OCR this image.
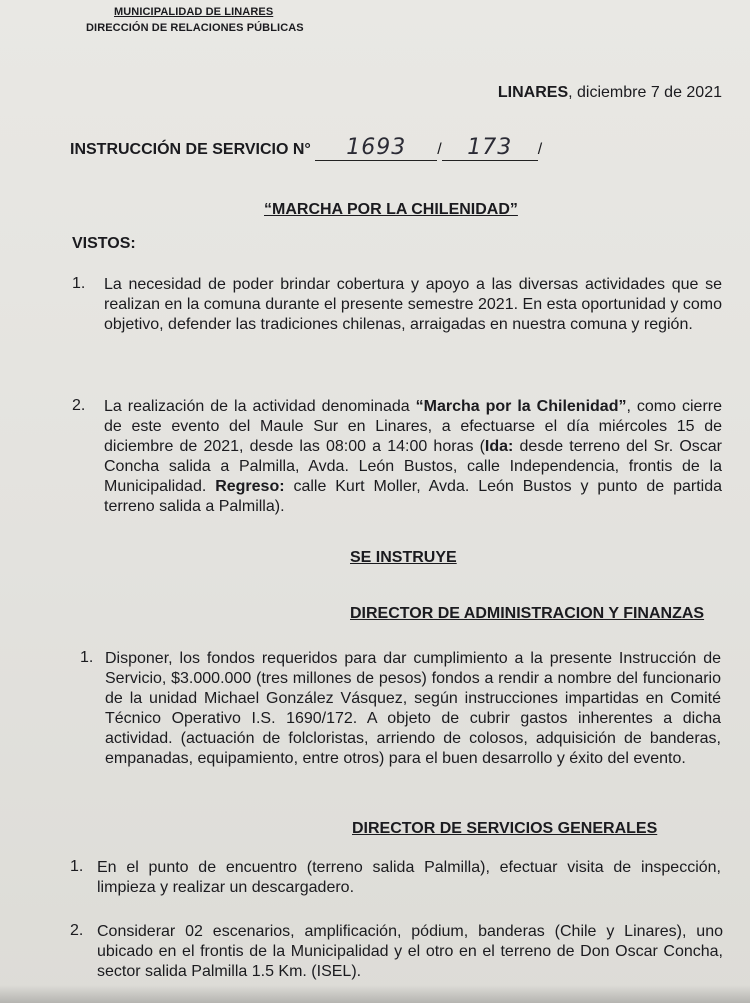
MUNICIPALIDAD DE LINARES
DIRECCIÓN DE RELACIONES PÚBLICAS
LINARES, diciembre 7 de 2021
INSTRUCCIÓN DE SERVICIO N° 1693 / 173 /
“MARCHA POR LA CHILENIDAD”
VISTOS:
1. La necesidad de poder brindar cobertura y apoyo a las diversas actividades que se realizan en la comuna durante el presente semestre 2021. En esta oportunidad y como objetivo, defender las tradiciones chilenas, arraigadas en nuestra comuna y región.
2. La realización de la actividad denominada “Marcha por la Chilenidad”, como cierre de este evento del Maule Sur en Linares, a efectuarse el día miércoles 15 de diciembre de 2021, desde las 08:00 a 14:00 horas (Ida: desde terreno del Sr. Oscar Concha salida a Palmilla, Avda. León Bustos, calle Independencia, frontis de la Municipalidad. Regreso: calle Kurt Moller, Avda. León Bustos y punto de partida terreno salida a Palmilla).
SE INSTRUYE
DIRECTOR DE ADMINISTRACION Y FINANZAS
1. Disponer, los fondos requeridos para dar cumplimiento a la presente Instrucción de Servicio, $3.000.000 (tres millones de pesos) fondos a rendir a nombre del funcionario de la unidad Michael González Vásquez, según instrucciones impartidas en Comité Técnico Operativo I.S. 1690/172. A objeto de cubrir gastos inherentes a dicha actividad. (actuación de folcloristas, arriendo de colosos, adquisición de banderas, empanadas, equipamiento, entre otros) para el buen desarrollo y éxito del evento.
DIRECTOR DE SERVICIOS GENERALES
1. En el punto de encuentro (terreno salida Palmilla), efectuar visita de inspección, limpieza y realizar un descargadero.
2. Considerar 02 escenarios, amplificación, pódium, banderas (Chile y Linares), uno ubicado en el frontis de la Municipalidad y el otro en el terreno de Don Oscar Concha, sector salida Palmilla 1.5 Km. (ISEL).
